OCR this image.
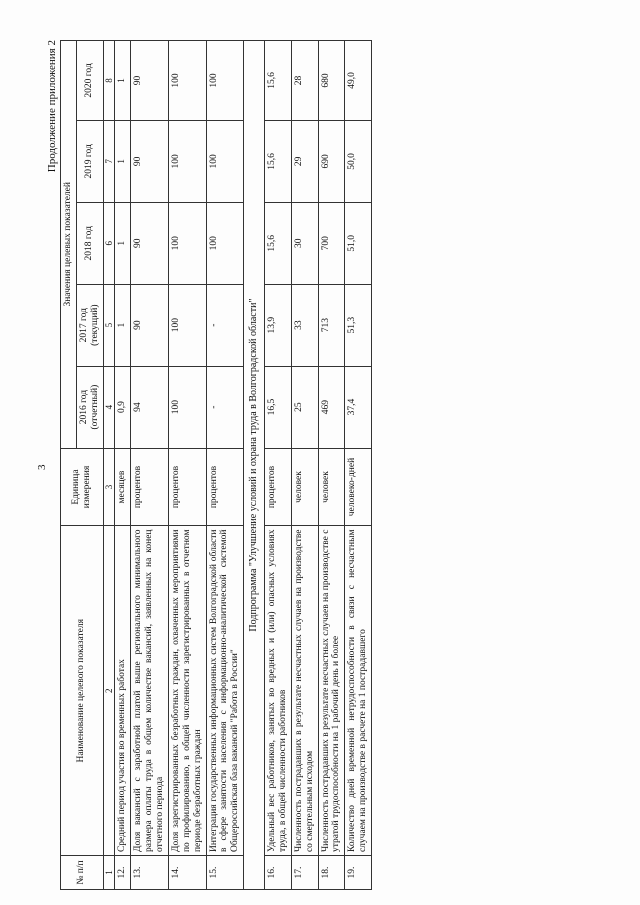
3
Продолжение приложения 2
№ п/п	Наименование целевого показателя	Единица измерения	Значения целевых показателей				
			2016 год (отчетный)	2017 год (текущий)	2018 год	2019 год	2020 год
1	2	3	4	5	6	7	8
12.	Средний период участия во временных работах	месяцев	0,9	1	1	1	1
13.	Доля вакансий с заработной платой выше регионального минимального размера оплаты труда в общем количестве вакансий, заявленных на конец отчетного периода	процентов	94	90	90	90	90
14.	Доля зарегистрированных безработных граждан, охваченных мероприятиями по профилированию, в общей численности зарегистрированных в отчетном периоде безработных граждан	процентов	100	100	100	100	100
15.	Интеграция государственных информационных систем Волгоградской области в сфере занятости населения с информационно-аналитической системой Общероссийская база вакансий "Работа в России"	процентов	-	-	100	100	100
Подпрограмма "Улучшение условий и охрана труда в Волгоградской области"							
16.	Удельный вес работников, занятых во вредных и (или) опасных условиях труда, в общей численности работников	процентов	16,5	13,9	15,6	15,6	15,6
17.	Численность пострадавших в результате несчастных случаев на производстве со смертельным исходом	человек	25	33	30	29	28
18.	Численность пострадавших в результате несчастных случаев на производстве с утратой трудоспособности на 1 рабочий день и более	человек	469	713	700	690	680
19.	Количество дней временной нетрудоспособности в связи с несчастным случаем на производстве в расчете на 1 пострадавшего	человеко-дней	37,4	51,3	51,0	50,0	49,0
